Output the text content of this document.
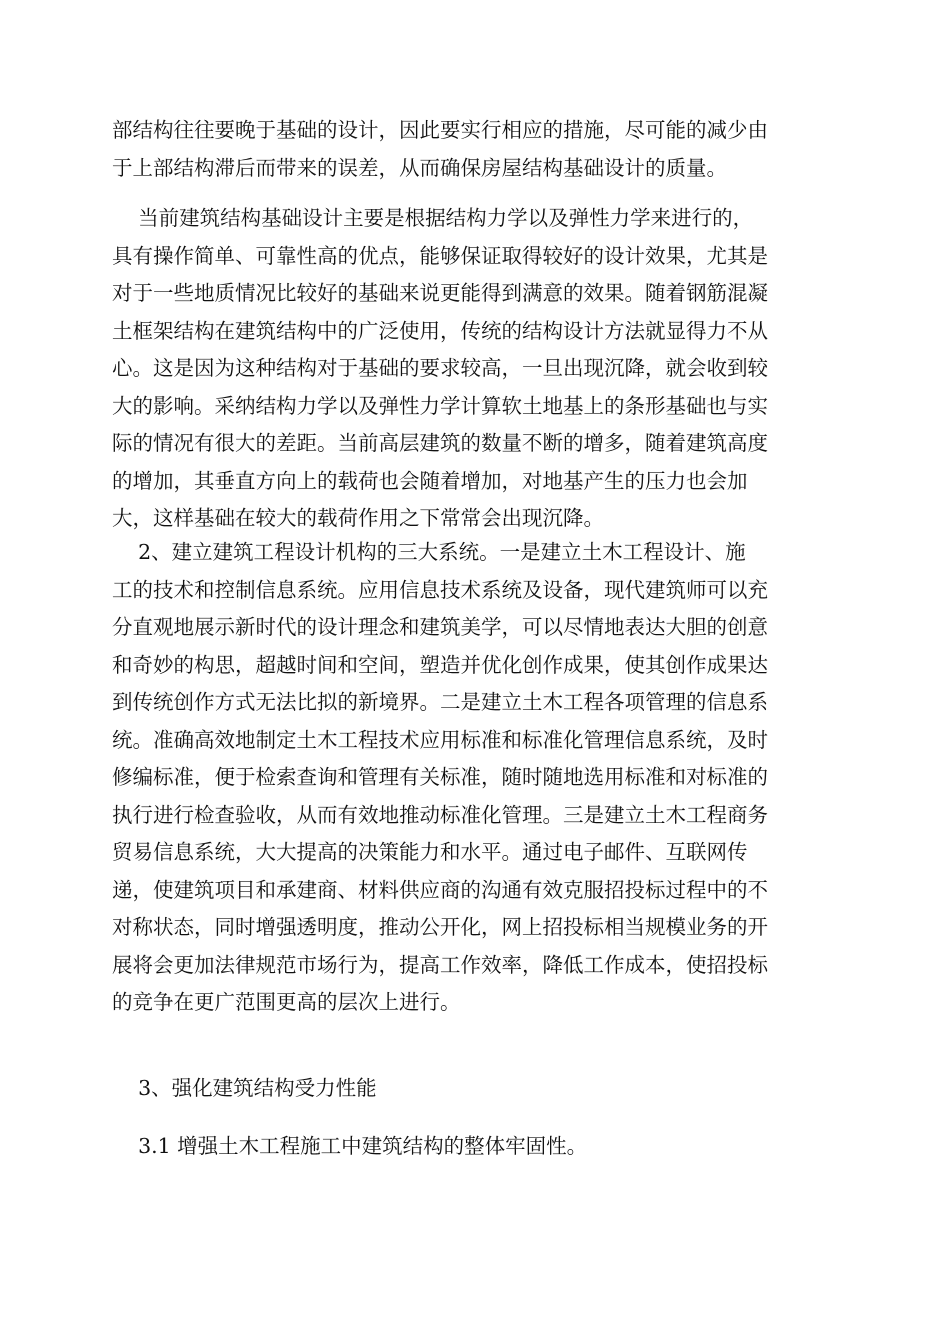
部结构往往要晚于基础的设计，因此要实行相应的措施，尽可能的减少由
于上部结构滞后而带来的误差，从而确保房屋结构基础设计的质量。
当前建筑结构基础设计主要是根据结构力学以及弹性力学来进行的，
具有操作简单、可靠性高的优点，能够保证取得较好的设计效果，尤其是
对于一些地质情况比较好的基础来说更能得到满意的效果。随着钢筋混凝
土框架结构在建筑结构中的广泛使用，传统的结构设计方法就显得力不从
心。这是因为这种结构对于基础的要求较高，一旦出现沉降，就会收到较
大的影响。采纳结构力学以及弹性力学计算软土地基上的条形基础也与实
际的情况有很大的差距。当前高层建筑的数量不断的增多，随着建筑高度
的增加，其垂直方向上的载荷也会随着增加，对地基产生的压力也会加
大，这样基础在较大的载荷作用之下常常会出现沉降。
2、建立建筑工程设计机构的三大系统。一是建立土木工程设计、施
工的技术和控制信息系统。应用信息技术系统及设备，现代建筑师可以充
分直观地展示新时代的设计理念和建筑美学，可以尽情地表达大胆的创意
和奇妙的构思，超越时间和空间，塑造并优化创作成果，使其创作成果达
到传统创作方式无法比拟的新境界。二是建立土木工程各项管理的信息系
统。准确高效地制定土木工程技术应用标准和标准化管理信息系统，及时
修编标准，便于检索查询和管理有关标准，随时随地选用标准和对标准的
执行进行检查验收，从而有效地推动标准化管理。三是建立土木工程商务
贸易信息系统，大大提高的决策能力和水平。通过电子邮件、互联网传
递，使建筑项目和承建商、材料供应商的沟通有效克服招投标过程中的不
对称状态，同时增强透明度，推动公开化，网上招投标相当规模业务的开
展将会更加法律规范市场行为，提高工作效率，降低工作成本，使招投标
的竞争在更广范围更高的层次上进行。
3、强化建筑结构受力性能
3.1 增强土木工程施工中建筑结构的整体牢固性。
